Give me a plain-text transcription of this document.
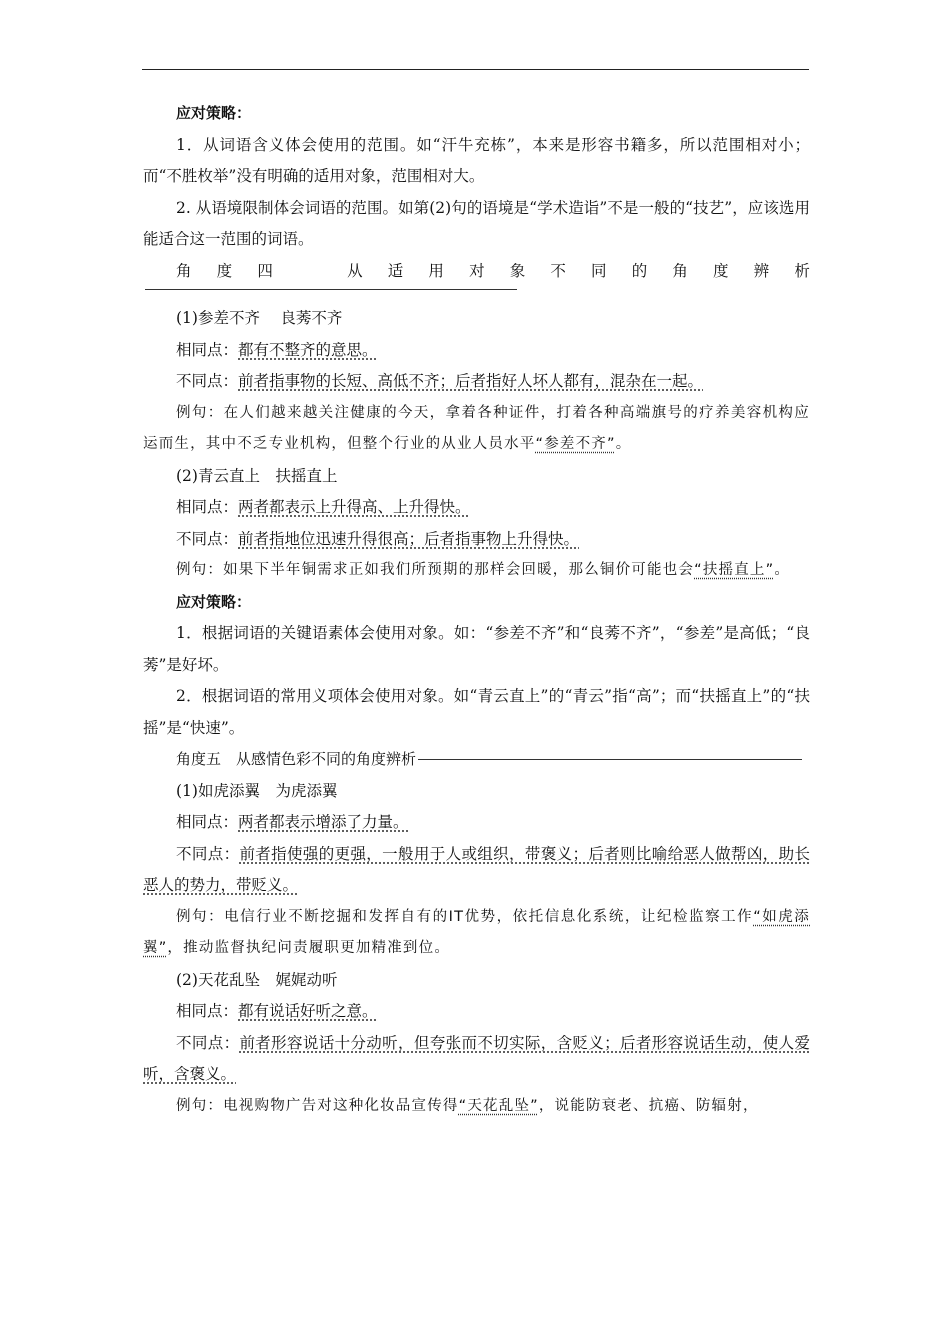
应对策略：

1．从词语含义体会使用的范围。如“汗牛充栋”，本来是形容书籍多，所以范围相对小；而“不胜枚举”没有明确的适用对象，范围相对大。

2. 从语境限制体会词语的范围。如第(2)句的语境是“学术造诣”不是一般的“技艺”，应该选用能适合这一范围的词语。

角 度 四	从 适 用 对 象 不 同 的 角 度 辨 析

(1)参差不齐　 良莠不齐

相同点：都有不整齐的意思。

不同点：前者指事物的长短、高低不齐；后者指好人坏人都有，混杂在一起。

例句：在人们越来越关注健康的今天，拿着各种证件，打着各种高端旗号的疗养美容机构应运而生，其中不乏专业机构，但整个行业的从业人员水平“参差不齐”。

(2)青云直上　扶摇直上

相同点：两者都表示上升得高、上升得快。

不同点：前者指地位迅速升得很高；后者指事物上升得快。

例句：如果下半年铜需求正如我们所预期的那样会回暖，那么铜价可能也会“扶摇直上”。

应对策略：

1．根据词语的关键语素体会使用对象。如：“参差不齐”和“良莠不齐”，“参差”是高低；“良莠”是好坏。

2．根据词语的常用义项体会使用对象。如“青云直上”的“青云”指“高”；而“扶摇直上”的“扶摇”是“快速”。

角度五　从感情色彩不同的角度辨析

(1)如虎添翼　为虎添翼

相同点：两者都表示增添了力量。

不同点：前者指使强的更强，一般用于人或组织，带褒义；后者则比喻给恶人做帮凶，助长恶人的势力，带贬义。

例句：电信行业不断挖掘和发挥自有的IT优势，依托信息化系统，让纪检监察工作“如虎添翼”，推动监督执纪问责履职更加精准到位。

(2)天花乱坠　娓娓动听

相同点：都有说话好听之意。

不同点：前者形容说话十分动听，但夸张而不切实际，含贬义；后者形容说话生动，使人爱听，含褒义。

例句：电视购物广告对这种化妆品宣传得“天花乱坠”，说能防衰老、抗癌、防辐射，
